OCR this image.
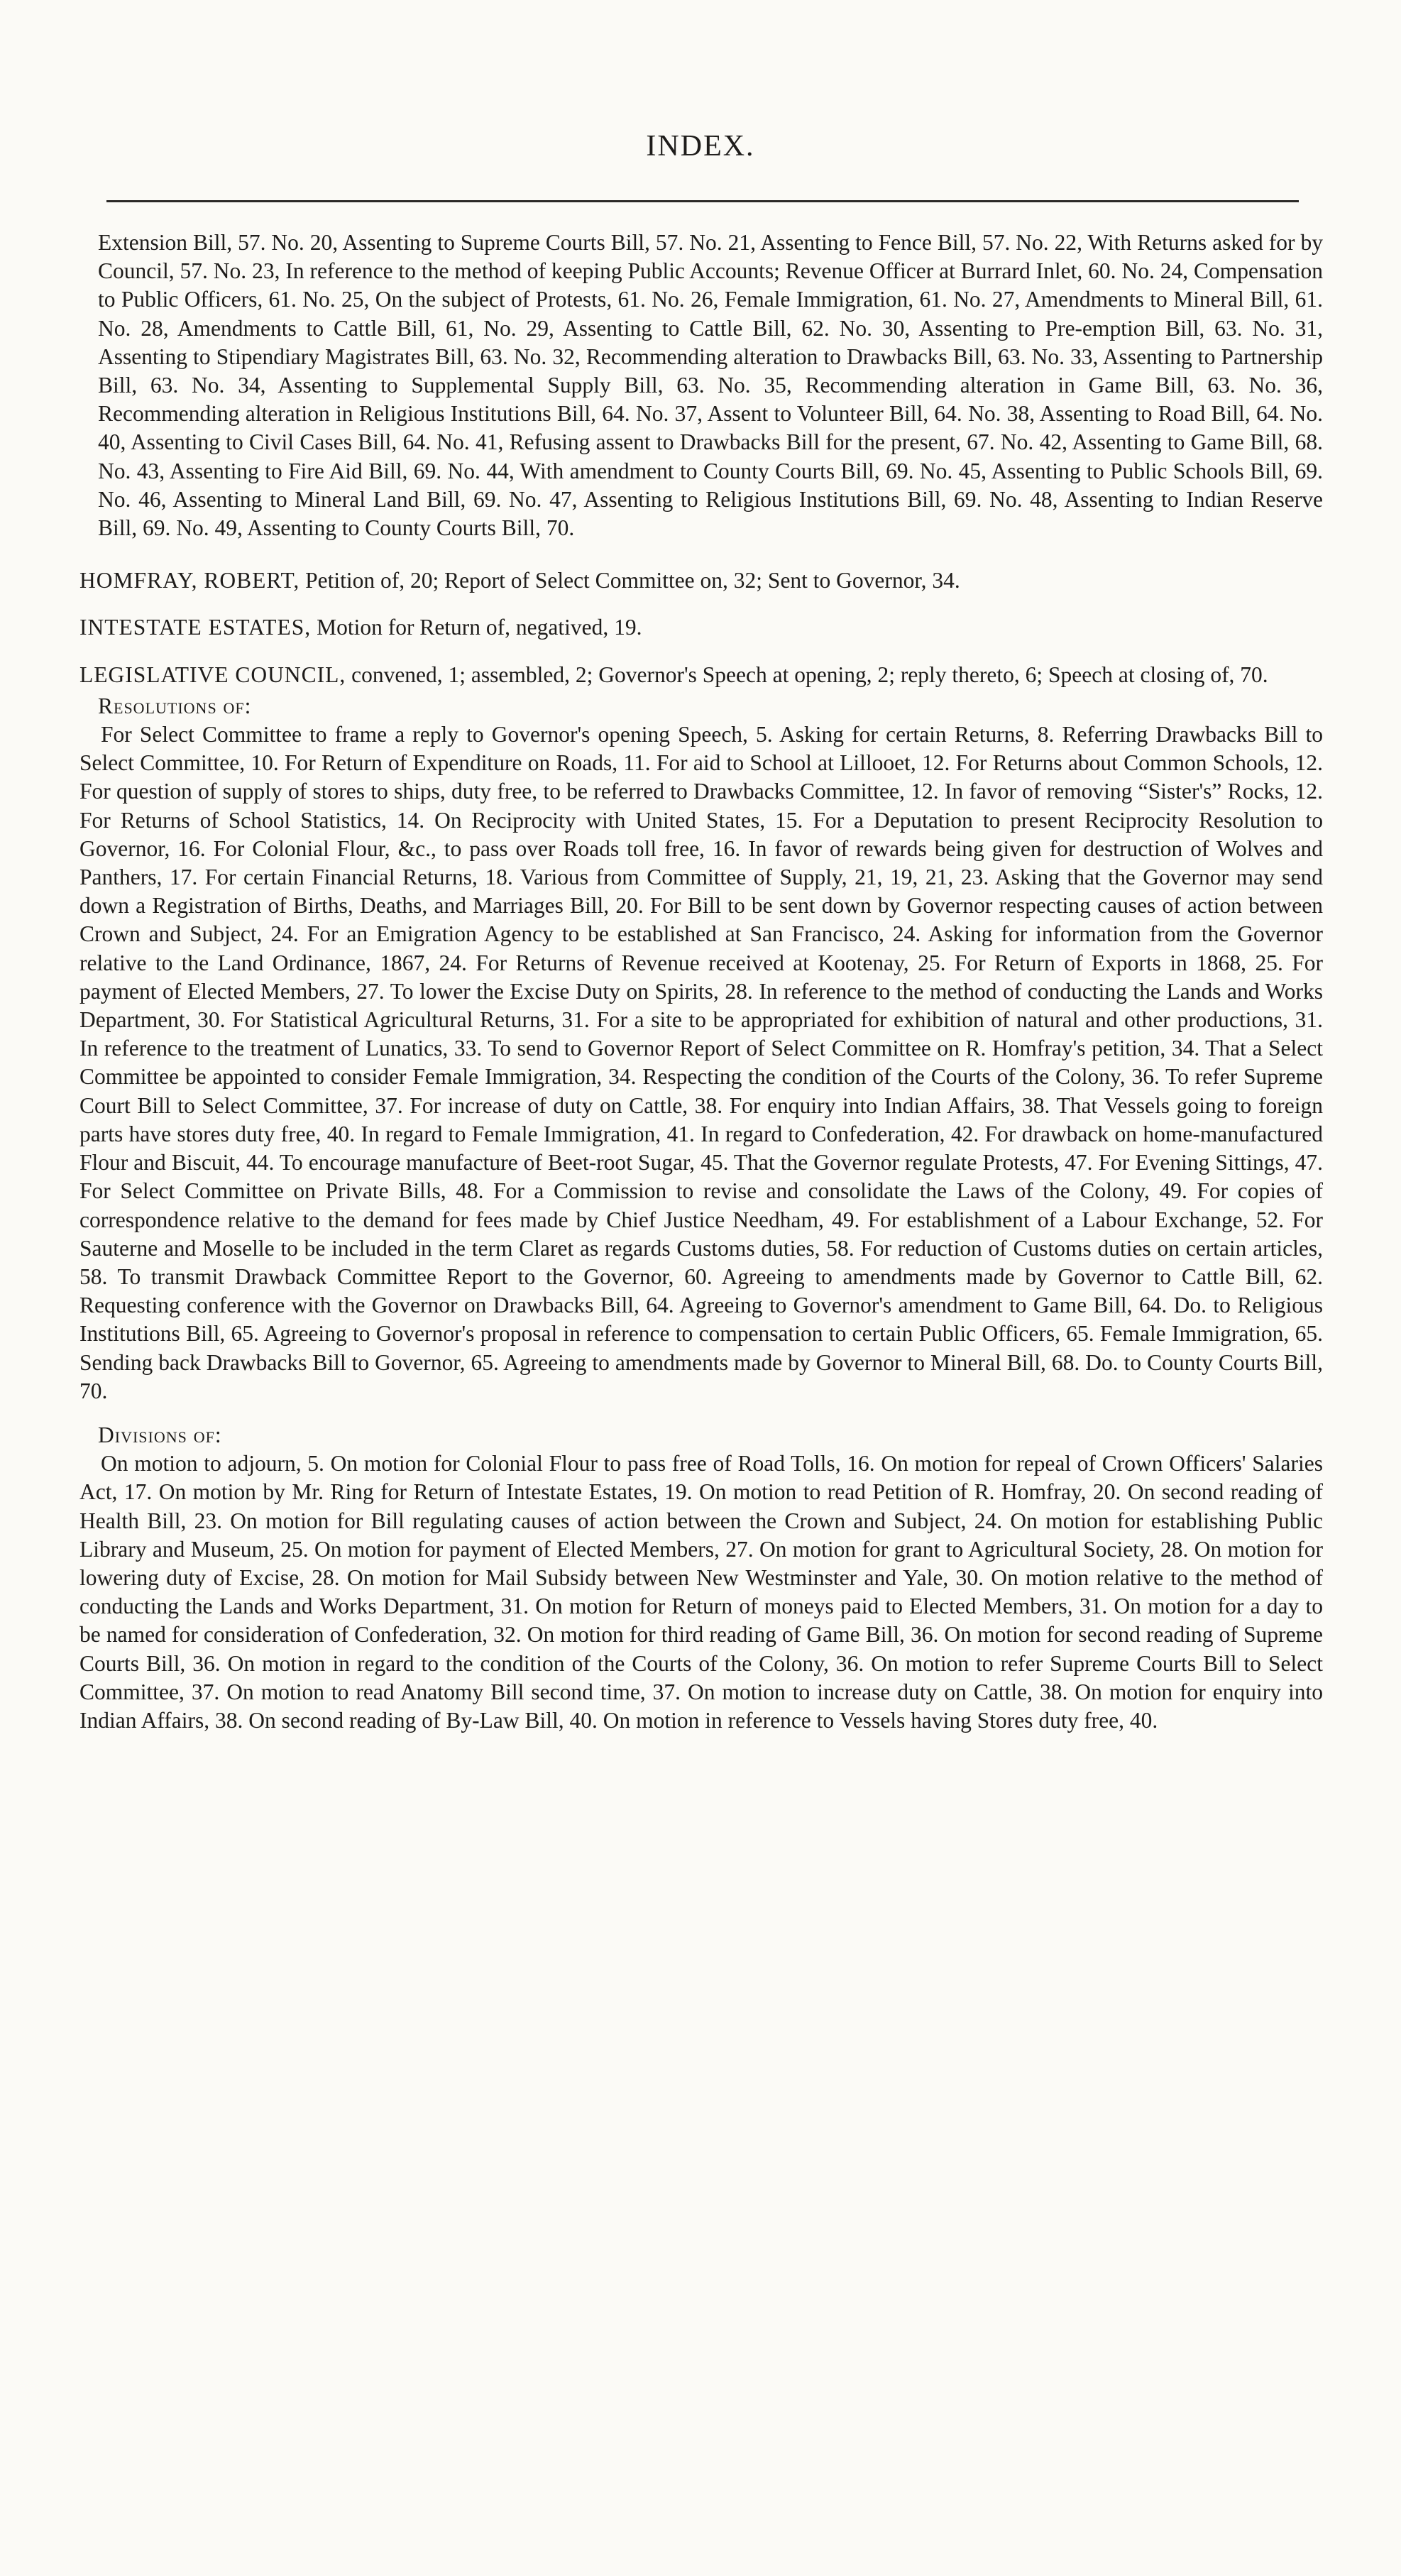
INDEX.

Extension Bill, 57. No. 20, Assenting to Supreme Courts Bill, 57. No. 21, Assenting to Fence Bill, 57. No. 22, With Returns asked for by Council, 57. No. 23, In reference to the method of keeping Public Accounts; Revenue Officer at Burrard Inlet, 60. No. 24, Compensation to Public Officers, 61. No. 25, On the subject of Protests, 61. No. 26, Female Immigration, 61. No. 27, Amendments to Mineral Bill, 61. No. 28, Amendments to Cattle Bill, 61, No. 29, Assenting to Cattle Bill, 62. No. 30, Assenting to Pre-emption Bill, 63. No. 31, Assenting to Stipendiary Magistrates Bill, 63. No. 32, Recommending alteration to Drawbacks Bill, 63. No. 33, Assenting to Partnership Bill, 63. No. 34, Assenting to Supplemental Supply Bill, 63. No. 35, Recommending alteration in Game Bill, 63. No. 36, Recommending alteration in Religious Institutions Bill, 64. No. 37, Assent to Volunteer Bill, 64. No. 38, Assenting to Road Bill, 64. No. 40, Assenting to Civil Cases Bill, 64. No. 41, Refusing assent to Drawbacks Bill for the present, 67. No. 42, Assenting to Game Bill, 68. No. 43, Assenting to Fire Aid Bill, 69. No. 44, With amendment to County Courts Bill, 69. No. 45, Assenting to Public Schools Bill, 69. No. 46, Assenting to Mineral Land Bill, 69. No. 47, Assenting to Religious Institutions Bill, 69. No. 48, Assenting to Indian Reserve Bill, 69. No. 49, Assenting to County Courts Bill, 70.

HOMFRAY, ROBERT, Petition of, 20; Report of Select Committee on, 32; Sent to Governor, 34.

INTESTATE ESTATES, Motion for Return of, negatived, 19.

LEGISLATIVE COUNCIL, convened, 1; assembled, 2; Governor's Speech at opening, 2; reply thereto, 6; Speech at closing of, 70.

Resolutions of:

For Select Committee to frame a reply to Governor's opening Speech, 5. Asking for certain Returns, 8. Referring Drawbacks Bill to Select Committee, 10. For Return of Expenditure on Roads, 11. For aid to School at Lillooet, 12. For Returns about Common Schools, 12. For question of supply of stores to ships, duty free, to be referred to Drawbacks Committee, 12. In favor of removing “Sister's” Rocks, 12. For Returns of School Statistics, 14. On Reciprocity with United States, 15. For a Deputation to present Reciprocity Resolution to Governor, 16. For Colonial Flour, &c., to pass over Roads toll free, 16. In favor of rewards being given for destruction of Wolves and Panthers, 17. For certain Financial Returns, 18. Various from Committee of Supply, 21, 19, 21, 23. Asking that the Governor may send down a Registration of Births, Deaths, and Marriages Bill, 20. For Bill to be sent down by Governor respecting causes of action between Crown and Subject, 24. For an Emigration Agency to be established at San Francisco, 24. Asking for information from the Governor relative to the Land Ordinance, 1867, 24. For Returns of Revenue received at Kootenay, 25. For Return of Exports in 1868, 25. For payment of Elected Members, 27. To lower the Excise Duty on Spirits, 28. In reference to the method of conducting the Lands and Works Department, 30. For Statistical Agricultural Returns, 31. For a site to be appropriated for exhibition of natural and other productions, 31. In reference to the treatment of Lunatics, 33. To send to Governor Report of Select Committee on R. Homfray's petition, 34. That a Select Committee be appointed to consider Female Immigration, 34. Respecting the condition of the Courts of the Colony, 36. To refer Supreme Court Bill to Select Committee, 37. For increase of duty on Cattle, 38. For enquiry into Indian Affairs, 38. That Vessels going to foreign parts have stores duty free, 40. In regard to Female Immigration, 41. In regard to Confederation, 42. For drawback on home-manufactured Flour and Biscuit, 44. To encourage manufacture of Beet-root Sugar, 45. That the Governor regulate Protests, 47. For Evening Sittings, 47. For Select Committee on Private Bills, 48. For a Commission to revise and consolidate the Laws of the Colony, 49. For copies of correspondence relative to the demand for fees made by Chief Justice Needham, 49. For establishment of a Labour Exchange, 52. For Sauterne and Moselle to be included in the term Claret as regards Customs duties, 58. For reduction of Customs duties on certain articles, 58. To transmit Drawback Committee Report to the Governor, 60. Agreeing to amendments made by Governor to Cattle Bill, 62. Requesting conference with the Governor on Drawbacks Bill, 64. Agreeing to Governor's amendment to Game Bill, 64. Do. to Religious Institutions Bill, 65. Agreeing to Governor's proposal in reference to compensation to certain Public Officers, 65. Female Immigration, 65. Sending back Drawbacks Bill to Governor, 65. Agreeing to amendments made by Governor to Mineral Bill, 68. Do. to County Courts Bill, 70.

Divisions of:

On motion to adjourn, 5. On motion for Colonial Flour to pass free of Road Tolls, 16. On motion for repeal of Crown Officers' Salaries Act, 17. On motion by Mr. Ring for Return of Intestate Estates, 19. On motion to read Petition of R. Homfray, 20. On second reading of Health Bill, 23. On motion for Bill regulating causes of action between the Crown and Subject, 24. On motion for establishing Public Library and Museum, 25. On motion for payment of Elected Members, 27. On motion for grant to Agricultural Society, 28. On motion for lowering duty of Excise, 28. On motion for Mail Subsidy between New Westminster and Yale, 30. On motion relative to the method of conducting the Lands and Works Department, 31. On motion for Return of moneys paid to Elected Members, 31. On motion for a day to be named for consideration of Confederation, 32. On motion for third reading of Game Bill, 36. On motion for second reading of Supreme Courts Bill, 36. On motion in regard to the condition of the Courts of the Colony, 36. On motion to refer Supreme Courts Bill to Select Committee, 37. On motion to read Anatomy Bill second time, 37. On motion to increase duty on Cattle, 38. On motion for enquiry into Indian Affairs, 38. On second reading of By-Law Bill, 40. On motion in reference to Vessels having Stores duty free, 40.
